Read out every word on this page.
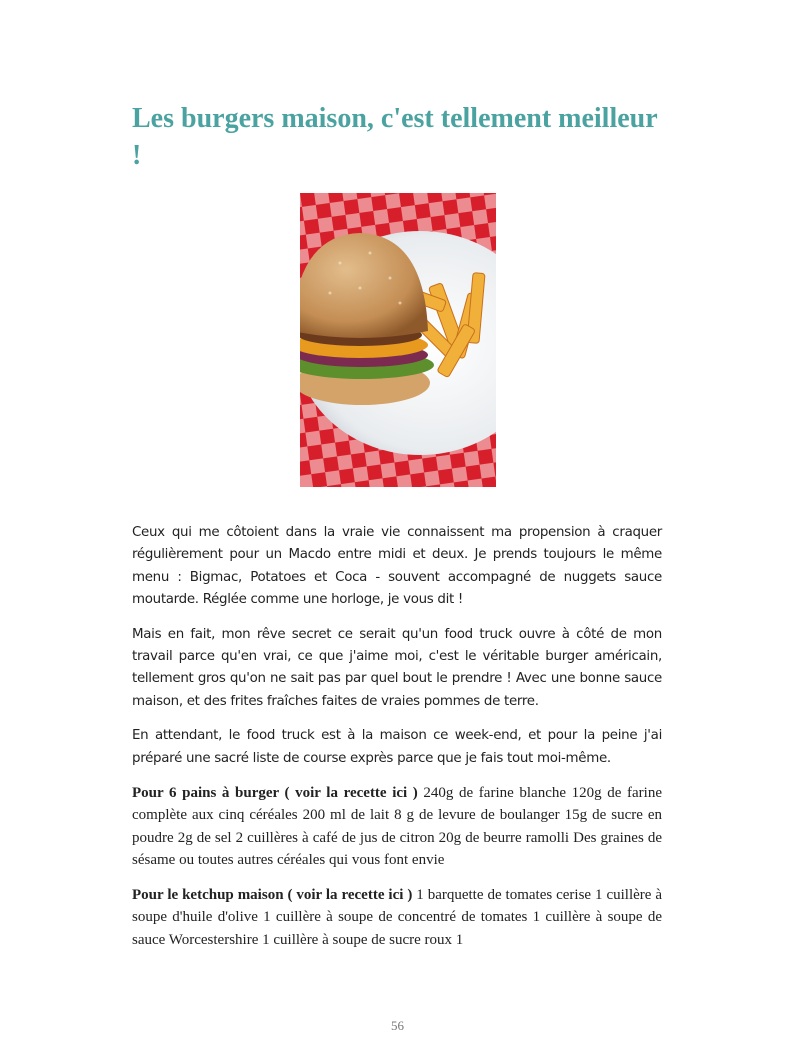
Les burgers maison, c'est tellement meilleur !

Ceux qui me côtoient dans la vraie vie connaissent ma propension à craquer régulièrement pour un Macdo entre midi et deux. Je prends toujours le même menu : Bigmac, Potatoes et Coca - souvent accompagné de nuggets sauce moutarde. Réglée comme une horloge, je vous dit !

Mais en fait, mon rêve secret ce serait qu'un food truck ouvre à côté de mon travail parce qu'en vrai, ce que j'aime moi, c'est le véritable burger américain, tellement gros qu'on ne sait pas par quel bout le prendre ! Avec une bonne sauce maison, et des frites fraîches faites de vraies pommes de terre.

En attendant, le food truck est à la maison ce week-end, et pour la peine j'ai préparé une sacré liste de course exprès parce que je fais tout moi-même.

Pour 6 pains à burger ( voir la recette ici ) 240g de farine blanche 120g de farine complète aux cinq céréales 200 ml de lait 8 g de levure de boulanger 15g de sucre en poudre 2g de sel 2 cuillères à café de jus de citron 20g de beurre ramolli Des graines de sésame ou toutes autres céréales qui vous font envie

Pour le ketchup maison ( voir la recette ici ) 1 barquette de tomates cerise 1 cuillère à soupe d'huile d'olive 1 cuillère à soupe de concentré de tomates 1 cuillère à soupe de sauce Worcestershire 1 cuillère à soupe de sucre roux 1

56
